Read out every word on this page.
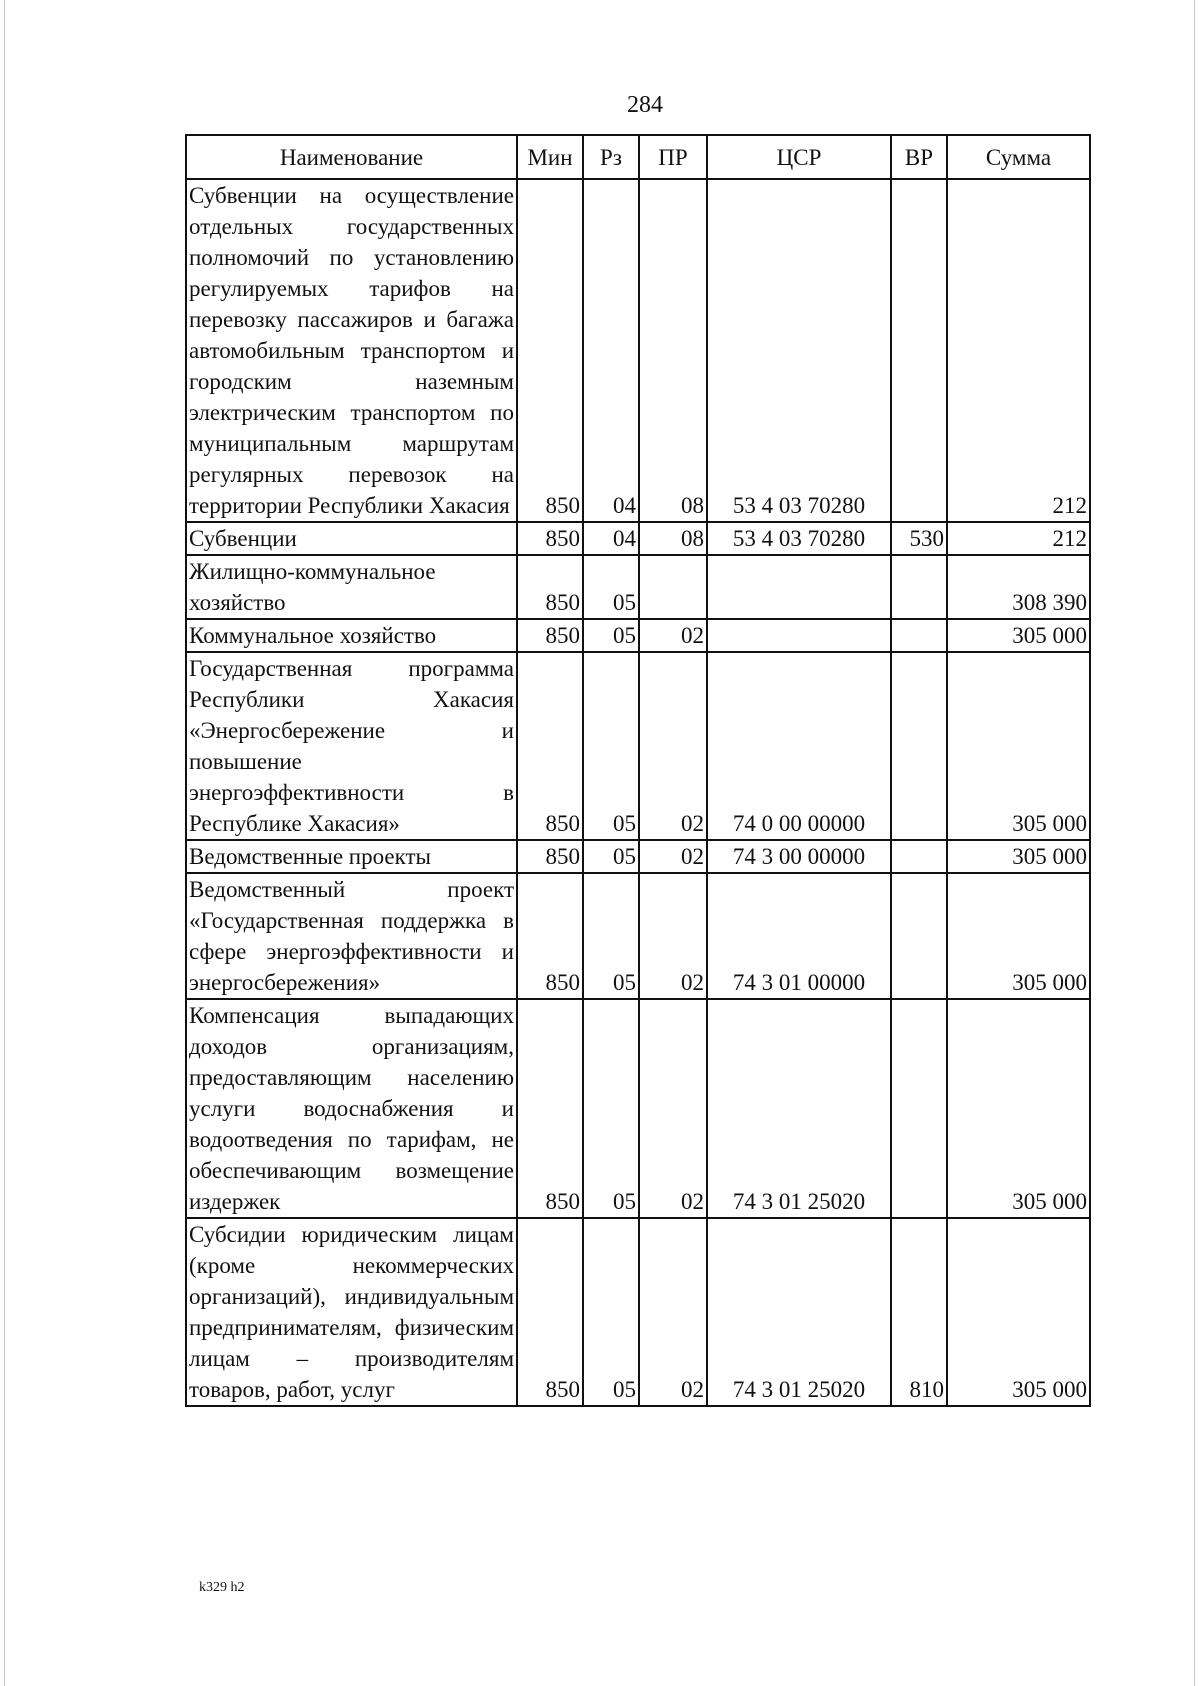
284
Наименование	Мин	Рз	ПР	ЦСР	ВР	Сумма
Субвенции на осуществление отдельных государственных полномочий по установлению регулируемых тарифов на перевозку пассажиров и багажа автомобильным транспортом и городским наземным электрическим транспортом по муниципальным маршрутам регулярных перевозок на территории Республики Хакасия	850	04	08	53 4 03 70280		212
Субвенции	850	04	08	53 4 03 70280	530	212
Жилищно-коммунальное хозяйство	850	05				308 390
Коммунальное хозяйство	850	05	02			305 000
Государственная программа Республики Хакасия «Энергосбережение и повышение энергоэффективности в Республике Хакасия»	850	05	02	74 0 00 00000		305 000
Ведомственные проекты	850	05	02	74 3 00 00000		305 000
Ведомственный проект «Государственная поддержка в сфере энергоэффективности и энергосбережения»	850	05	02	74 3 01 00000		305 000
Компенсация выпадающих доходов организациям, предоставляющим населению услуги водоснабжения и водоотведения по тарифам, не обеспечивающим возмещение издержек	850	05	02	74 3 01 25020		305 000
Субсидии юридическим лицам (кроме некоммерческих организаций), индивидуальным предпринимателям, физическим лицам – производителям товаров, работ, услуг	850	05	02	74 3 01 25020	810	305 000
k329 h2
